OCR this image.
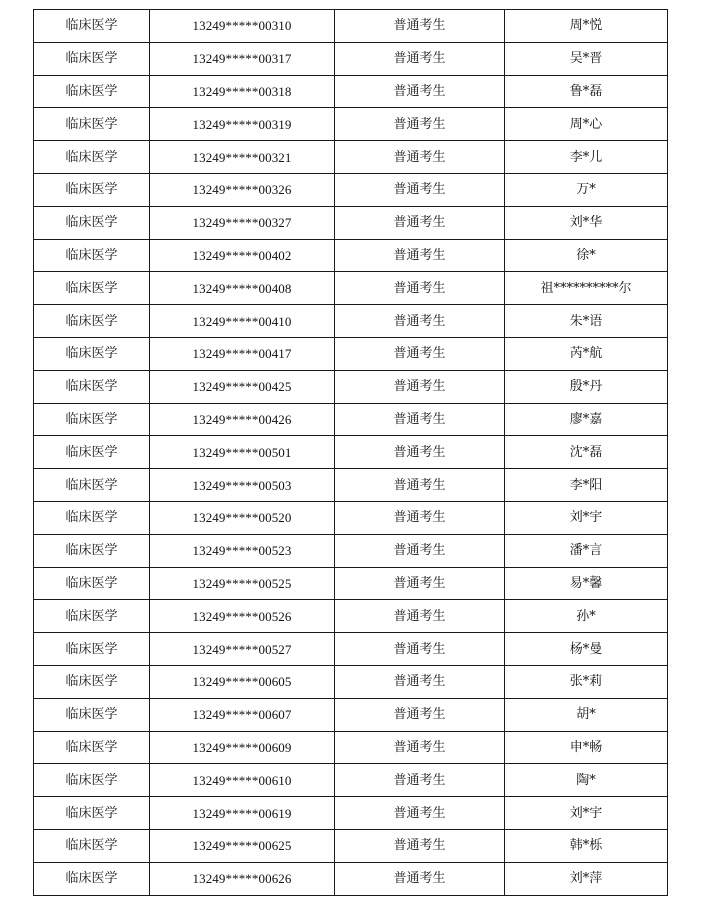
临床医学	13249*****00310	普通考生	周*悦
临床医学	13249*****00317	普通考生	吴*晋
临床医学	13249*****00318	普通考生	鲁*磊
临床医学	13249*****00319	普通考生	周*心
临床医学	13249*****00321	普通考生	李*儿
临床医学	13249*****00326	普通考生	万*
临床医学	13249*****00327	普通考生	刘*华
临床医学	13249*****00402	普通考生	徐*
临床医学	13249*****00408	普通考生	祖**********尔
临床医学	13249*****00410	普通考生	朱*语
临床医学	13249*****00417	普通考生	芮*航
临床医学	13249*****00425	普通考生	殷*丹
临床医学	13249*****00426	普通考生	廖*嘉
临床医学	13249*****00501	普通考生	沈*磊
临床医学	13249*****00503	普通考生	李*阳
临床医学	13249*****00520	普通考生	刘*宇
临床医学	13249*****00523	普通考生	潘*言
临床医学	13249*****00525	普通考生	易*馨
临床医学	13249*****00526	普通考生	孙*
临床医学	13249*****00527	普通考生	杨*曼
临床医学	13249*****00605	普通考生	张*莉
临床医学	13249*****00607	普通考生	胡*
临床医学	13249*****00609	普通考生	申*畅
临床医学	13249*****00610	普通考生	陶*
临床医学	13249*****00619	普通考生	刘*宇
临床医学	13249*****00625	普通考生	韩*栎
临床医学	13249*****00626	普通考生	刘*萍
